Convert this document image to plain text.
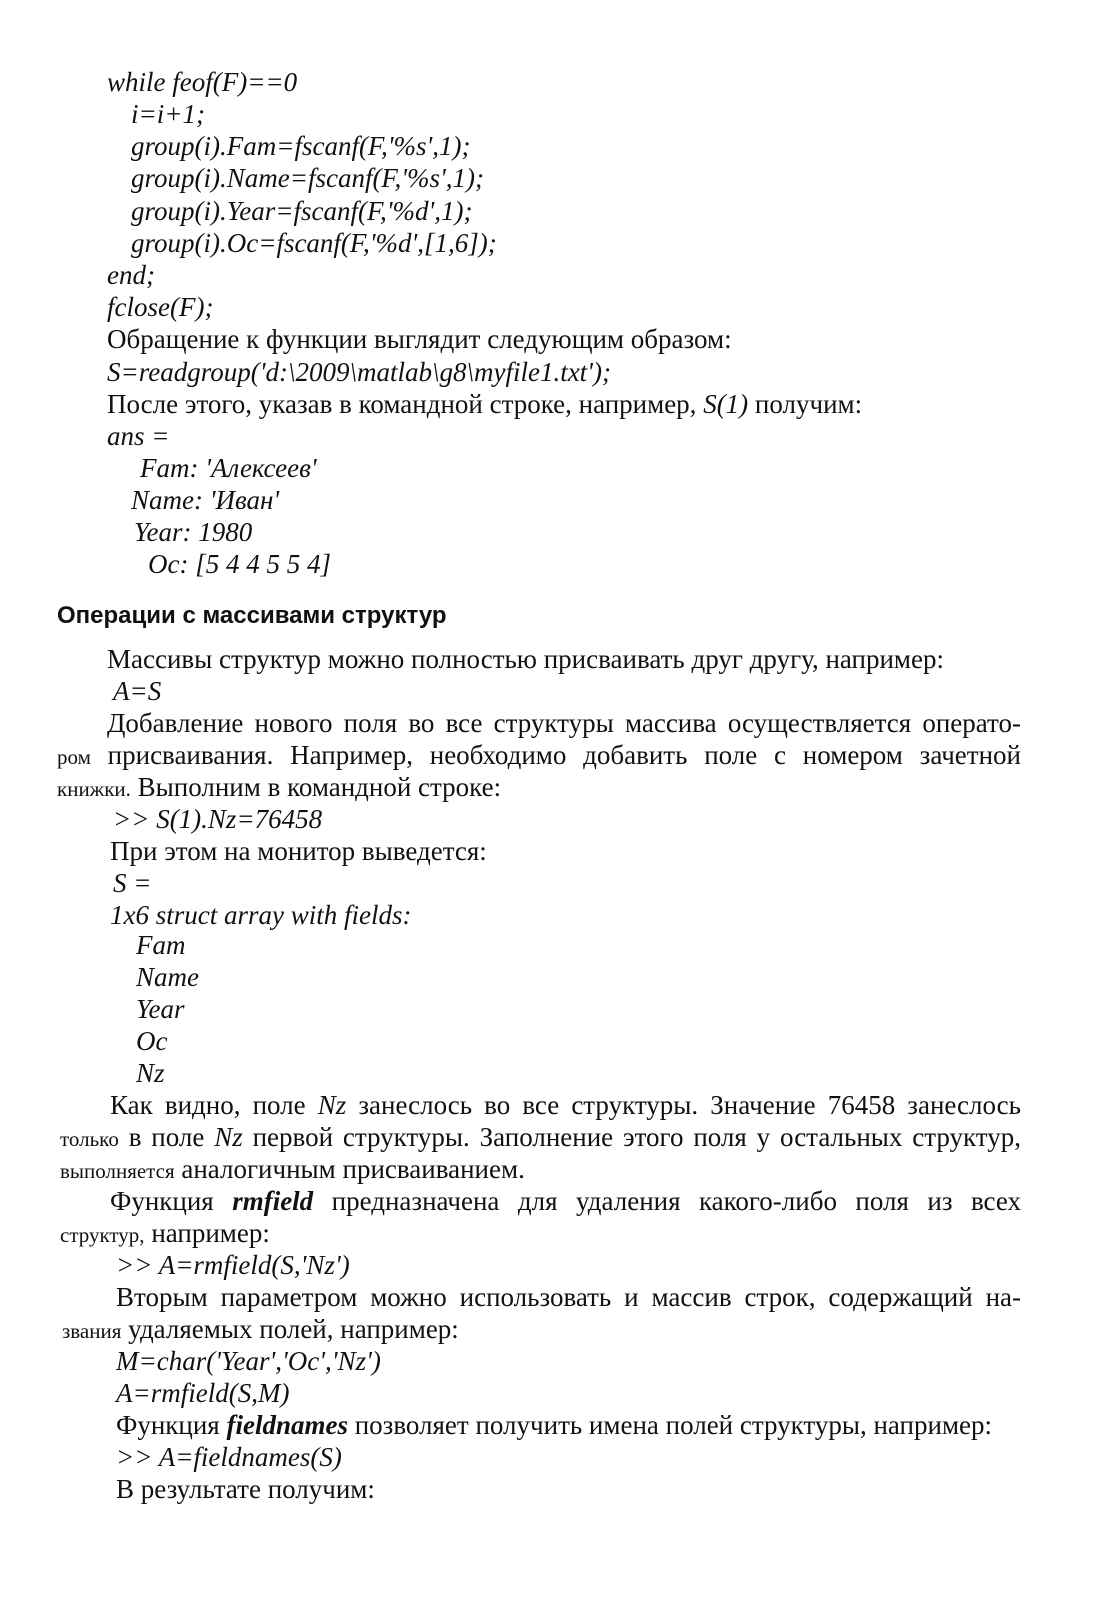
while feof(F)==0
i=i+1;
group(i).Fam=fscanf(F,'%s',1);
group(i).Name=fscanf(F,'%s',1);
group(i).Year=fscanf(F,'%d',1);
group(i).Oc=fscanf(F,'%d',[1,6]);
end;
fclose(F);
Обращение к функции выглядит следующим образом:
S=readgroup('d:\2009\matlab\g8\myfile1.txt');
После этого, указав в командной строке, например, S(1) получим:
ans =
Fam: 'Алексеев'
Name: 'Иван'
Year: 1980
Oc: [5 4 4 5 5 4]
Операции с массивами структур
Массивы структур можно полностью присваивать друг другу, например:
A=S
Добавление нового поля во все структуры массива осуществляется операто-
ром присваивания. Например, необходимо добавить поле с номером зачетной
книжки. Выполним в командной строке:
>> S(1).Nz=76458
При этом на монитор выведется:
S =
1x6 struct array with fields:
Fam
Name
Year
Oc
Nz
Как видно, поле Nz занеслось во все структуры. Значение 76458 занеслось
только в поле Nz первой структуры. Заполнение этого поля у остальных структур,
выполняется аналогичным присваиванием.
Функция rmfield предназначена для удаления какого-либо поля из всех
структур, например:
>> A=rmfield(S,'Nz')
Вторым параметром можно использовать и массив строк, содержащий на-
звания удаляемых полей, например:
M=char('Year','Oc','Nz')
A=rmfield(S,M)
Функция fieldnames позволяет получить имена полей структуры, например:
>> A=fieldnames(S)
В результате получим:
